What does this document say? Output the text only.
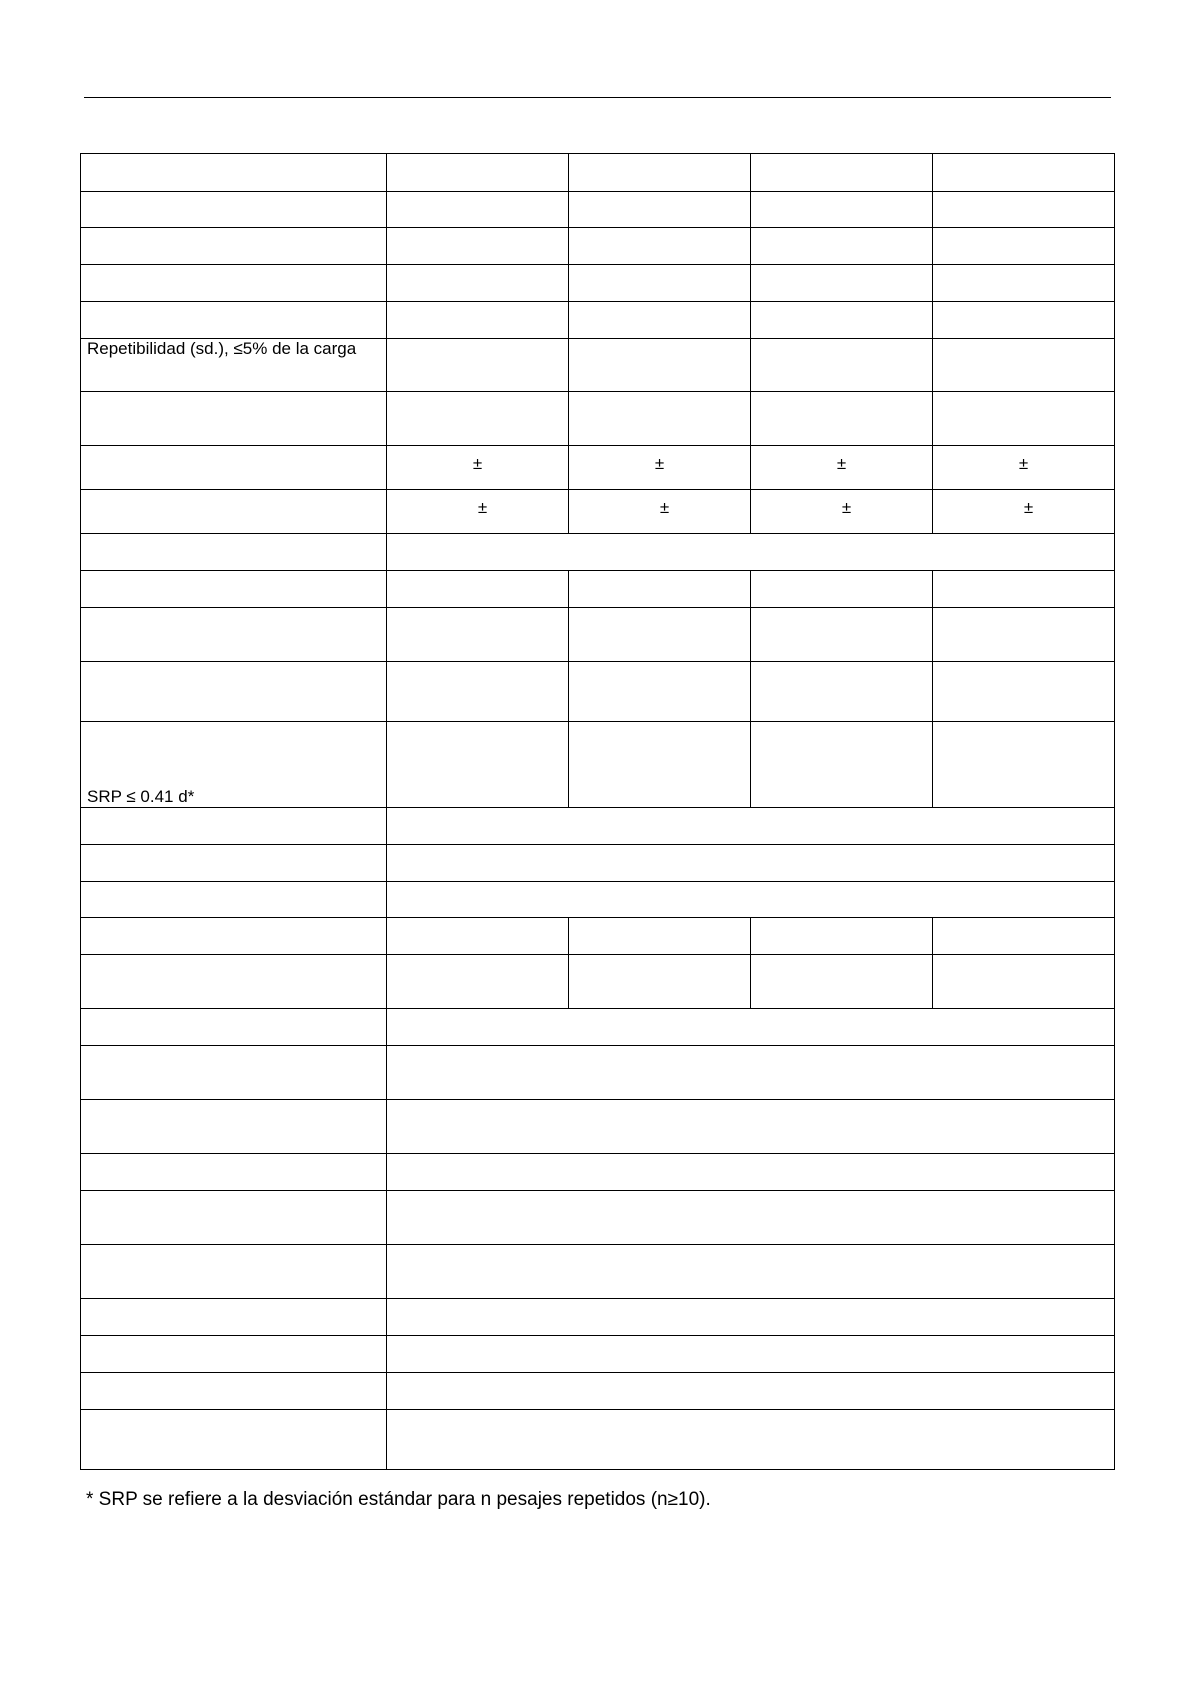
Repetibilidad (sd.), ≤5% de la carga				

	±	±	±	±
	±	±	±	±

SRP ≤ 0.41 d*				

* SRP se refiere a la desviación estándar para n pesajes repetidos (n≥10).
